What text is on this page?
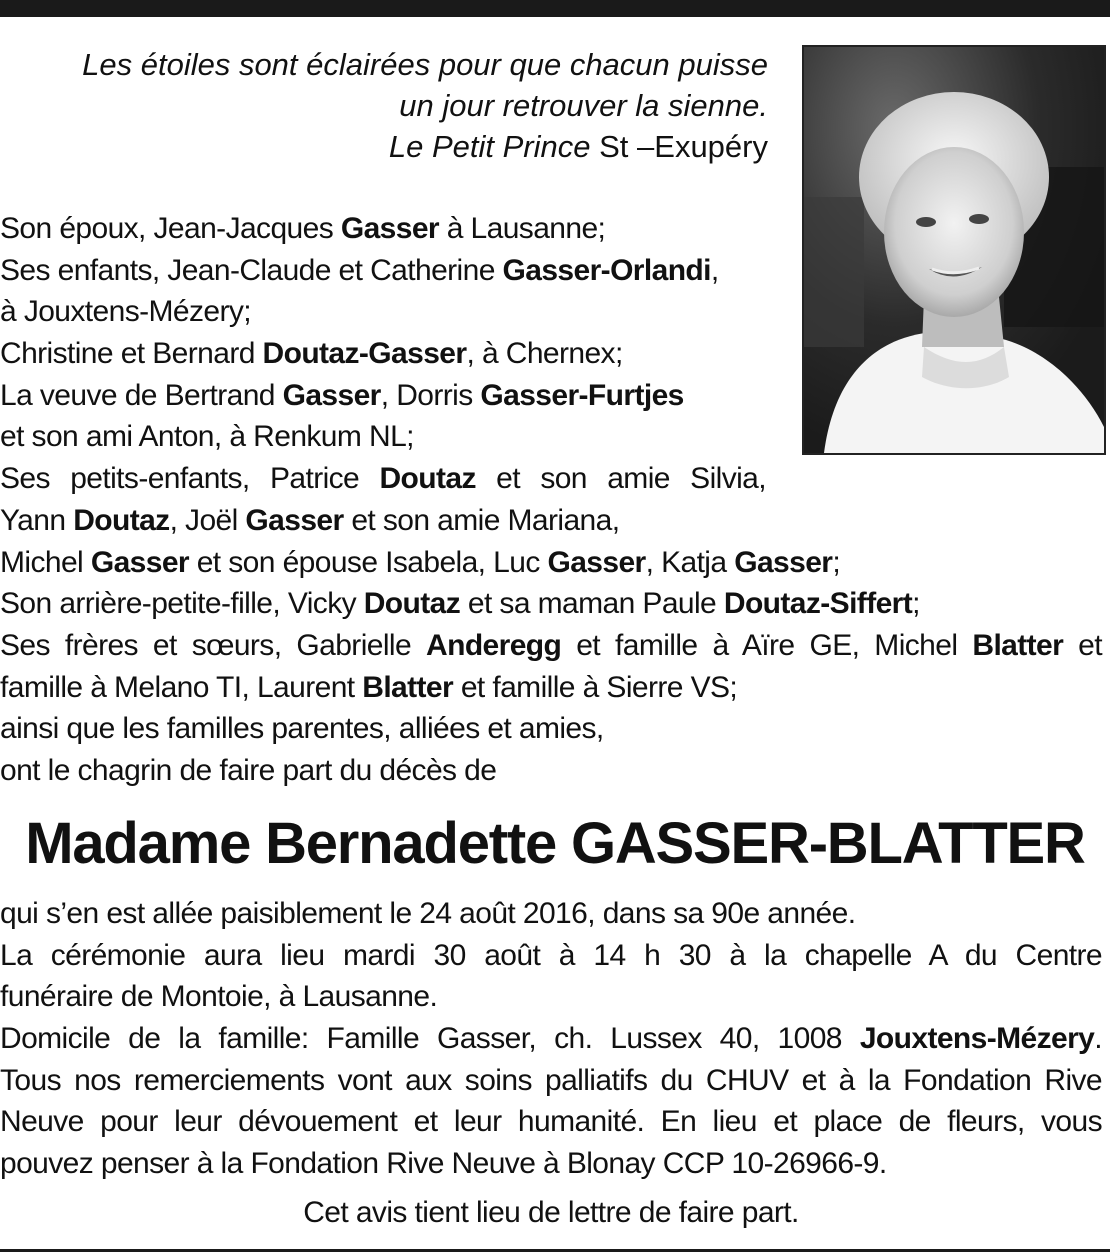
Les étoiles sont éclairées pour que chacun puisse
un jour retrouver la sienne.
Le Petit Prince St –Exupéry
Son époux, Jean-Jacques Gasser à Lausanne;
Ses enfants, Jean-Claude et Catherine Gasser-Orlandi,
à Jouxtens-Mézery;
Christine et Bernard Doutaz-Gasser, à Chernex;
La veuve de Bertrand Gasser, Dorris Gasser-Furtjes
et son ami Anton, à Renkum NL;
Ses petits-enfants, Patrice Doutaz et son amie Silvia,
Yann Doutaz, Joël Gasser et son amie Mariana,
Michel Gasser et son épouse Isabela, Luc Gasser, Katja Gasser;
Son arrière-petite-fille, Vicky Doutaz et sa maman Paule Doutaz-Siffert;
Ses frères et sœurs, Gabrielle Anderegg et famille à Aïre GE, Michel Blatter et
famille à Melano TI, Laurent Blatter et famille à Sierre VS;
ainsi que les familles parentes, alliées et amies,
ont le chagrin de faire part du décès de
Madame Bernadette GASSER-BLATTER
qui s’en est allée paisiblement le 24 août 2016, dans sa 90e année.
La cérémonie aura lieu mardi 30 août à 14 h 30 à la chapelle A du Centre
funéraire de Montoie, à Lausanne.
Domicile de la famille: Famille Gasser, ch. Lussex 40, 1008 Jouxtens-Mézery.
Tous nos remerciements vont aux soins palliatifs du CHUV et à la Fondation Rive
Neuve pour leur dévouement et leur humanité. En lieu et place de fleurs, vous
pouvez penser à la Fondation Rive Neuve à Blonay CCP 10-26966-9.
Cet avis tient lieu de lettre de faire part.
